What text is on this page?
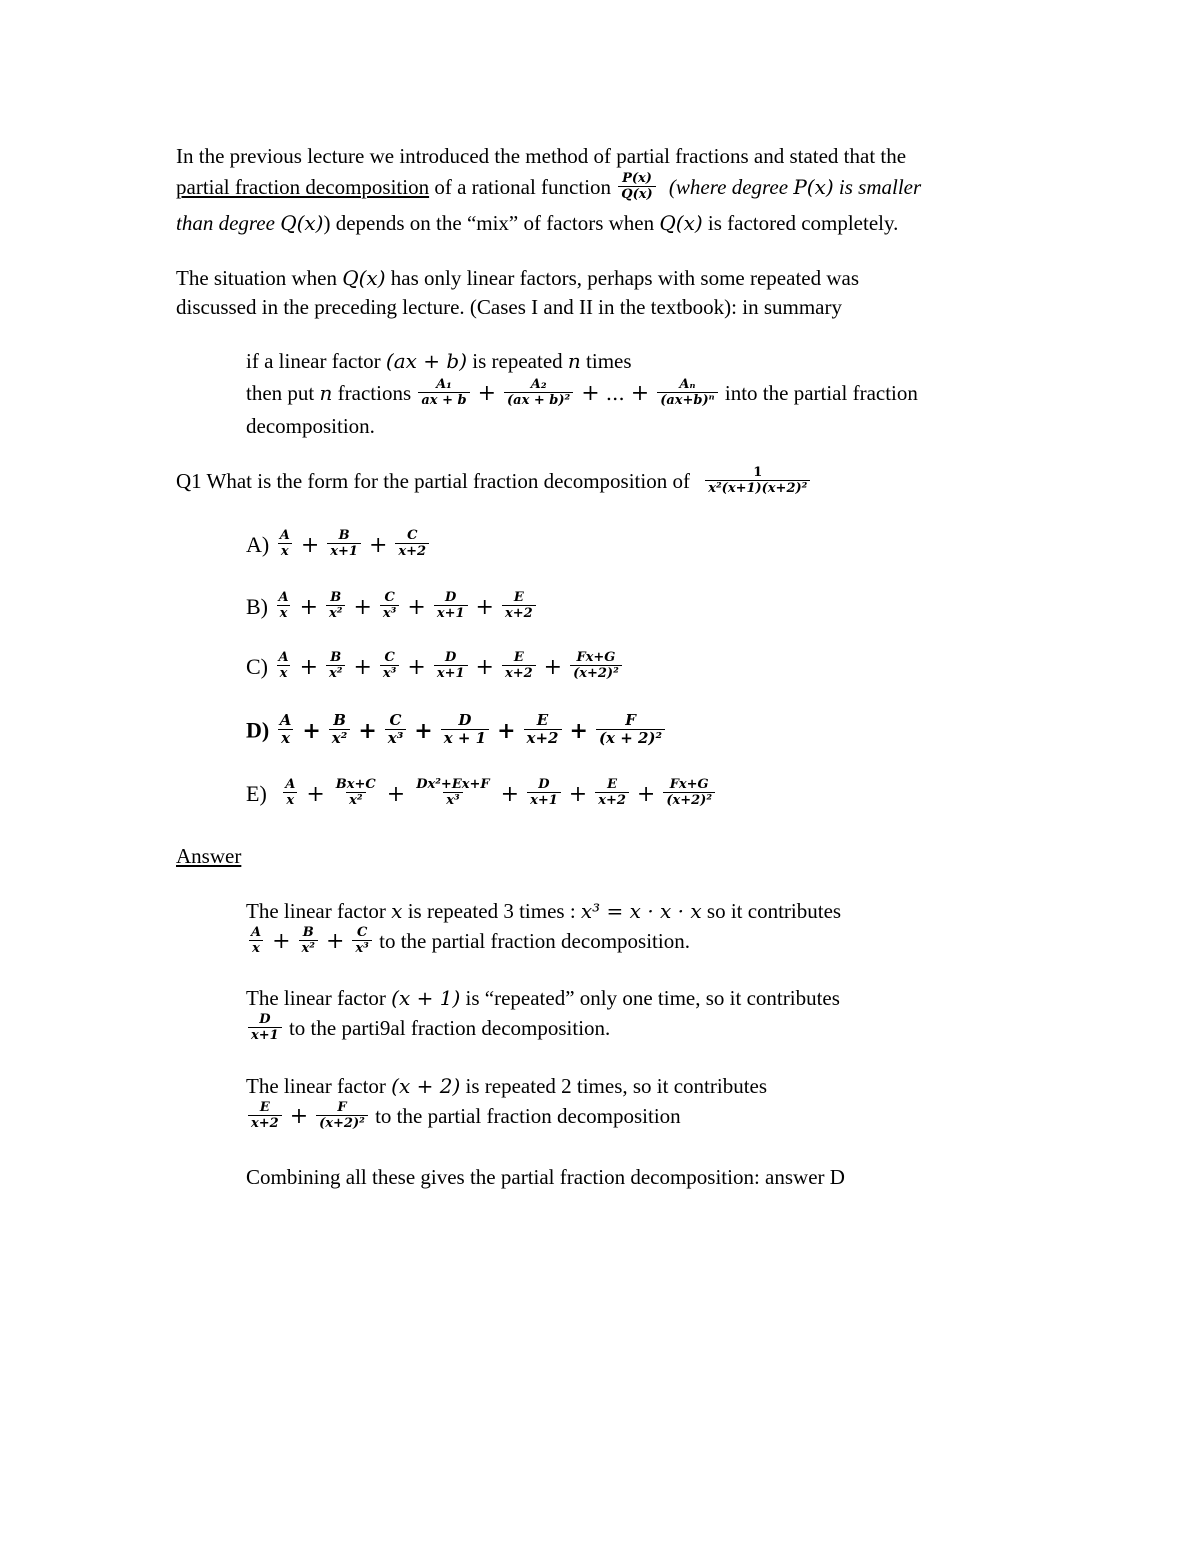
In the previous lecture we introduced the method of partial fractions and stated that the
partial fraction decomposition of a rational function $\frac{P(x)}{Q(x)}$ (where degree P(x) is smaller
than degree Q(x)) depends on the “mix” of factors when Q(x) is factored completely.
The situation when Q(x) has only linear factors, perhaps with some repeated was
discussed in the preceding lecture. (Cases I and II in the textbook): in summary
if a linear factor (ax + b) is repeated n times
then put n fractions $\frac{\text{A₁}}{ax + b} + \frac{\text{A₂}}{\text{(ax + b)²}}$ + ... + $\frac{\text{Aₙ}}{\text{(ax+b)ⁿ}}$ into the partial fraction
decomposition.
Q1 What is the form for the partial fraction decomposition of $\frac{1}{\text{x²(x+1)(x+2)²}}$
$A) \frac{A}{x} + \frac{B}{x+1} + \frac{C}{x+2}$
$B) \frac{A}{x} + \frac{B}{\text{x²}} + \frac{C}{\text{x³}} + \frac{D}{x+1} + \frac{E}{x+2}$
$C) \frac{A}{x} + \frac{B}{\text{x²}} + \frac{C}{\text{x³}} + \frac{D}{x+1} + \frac{E}{x+2} + \frac{Fx+G}{\text{(x+2)²}}$
$D) \frac{A}{x} + \frac{B}{\text{x²}} + \frac{C}{\text{x³}} + \frac{D}{x + 1} + \frac{E}{x+2} + \frac{F}{\text{(x + 2)²}}$
$E) \frac{A}{x} + \frac{Bx+C}{\text{x²}} + \frac{\text{Dx²+Ex+F}}{\text{x³}} + \frac{D}{x+1} + \frac{E}{x+2} + \frac{Fx+G}{\text{(x+2)²}}$
Answer
The linear factor x is repeated 3 times : x³ = x · x · x so it contributes
$\frac{A}{x} + \frac{B}{\text{x²}} + \frac{C}{\text{x³}}$ to the partial fraction decomposition.
The linear factor (x + 1) is “repeated” only one time, so it contributes
$\frac{D}{x+1}$ to the parti9al fraction decomposition.
The linear factor (x + 2) is repeated 2 times, so it contributes
$\frac{E}{x+2} + \frac{F}{\text{(x+2)²}}$ to the partial fraction decomposition
Combining all these gives the partial fraction decomposition: answer D
